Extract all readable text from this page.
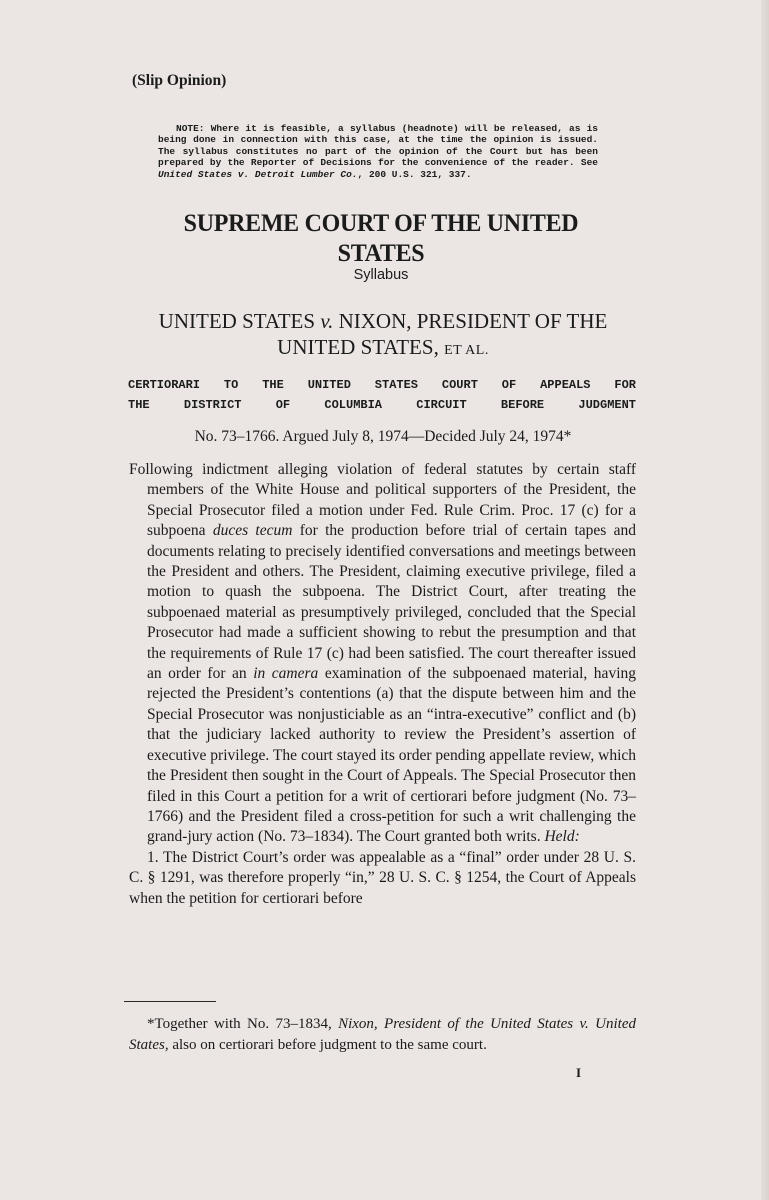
(Slip Opinion)
NOTE: Where it is feasible, a syllabus (headnote) will be released, as is being done in connection with this case, at the time the opinion is issued. The syllabus constitutes no part of the opinion of the Court but has been prepared by the Reporter of Decisions for the convenience of the reader. See United States v. Detroit Lumber Co., 200 U.S. 321, 337.
SUPREME COURT OF THE UNITED STATES
Syllabus
UNITED STATES v. NIXON, PRESIDENT OF THE
UNITED STATES, ET AL.
CERTIORARI TO THE UNITED STATES COURT OF APPEALS FOR
THE DISTRICT OF COLUMBIA CIRCUIT BEFORE JUDGMENT
No. 73–1766. Argued July 8, 1974—Decided July 24, 1974*

Following indictment alleging violation of federal statutes by certain staff members of the White House and political supporters of the President, the Special Prosecutor filed a motion under Fed. Rule Crim. Proc. 17 (c) for a subpoena duces tecum for the production before trial of certain tapes and documents relating to precisely identified conversations and meetings between the President and others. The President, claiming executive privilege, filed a motion to quash the subpoena. The District Court, after treating the subpoenaed material as presumptively privileged, concluded that the Special Prosecutor had made a sufficient showing to rebut the presumption and that the requirements of Rule 17 (c) had been satisfied. The court thereafter issued an order for an in camera examination of the subpoenaed material, having rejected the President’s contentions (a) that the dispute between him and the Special Prosecutor was nonjusticiable as an “intra-executive” conflict and (b) that the judiciary lacked authority to review the President’s assertion of executive privilege. The court stayed its order pending appellate review, which the President then sought in the Court of Appeals. The Special Prosecutor then filed in this Court a petition for a writ of certiorari before judgment (No. 73–1766) and the President filed a cross-petition for such a writ challenging the grand-jury action (No. 73–1834). The Court granted both writs. Held:

1. The District Court’s order was appealable as a “final” order under 28 U. S. C. § 1291, was therefore properly “in,” 28 U. S. C. § 1254, the Court of Appeals when the petition for certiorari before

*Together with No. 73–1834, Nixon, President of the United States v. United States, also on certiorari before judgment to the same court.
I
